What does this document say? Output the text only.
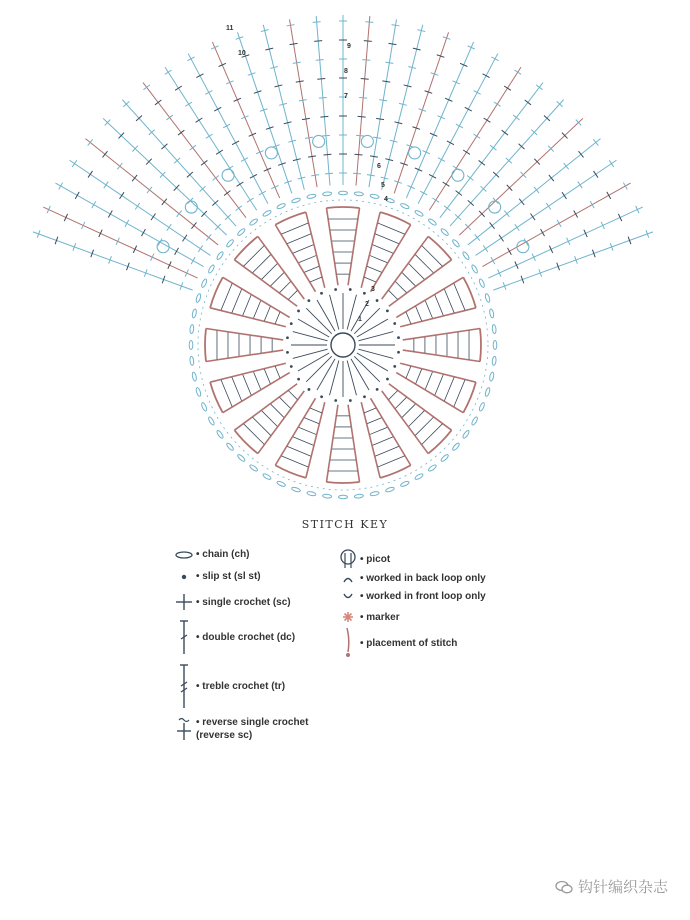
11
10
9
8
7
6
5
4
3
2
1
STITCH KEY
• chain (ch)
• slip st (sl st)
• single crochet (sc)
• double crochet (dc)
• treble crochet (tr)
• reverse single crochet
(reverse sc)
• picot
• worked in back loop only
• worked in front loop only
• marker
• placement of stitch
钩针编织杂志
